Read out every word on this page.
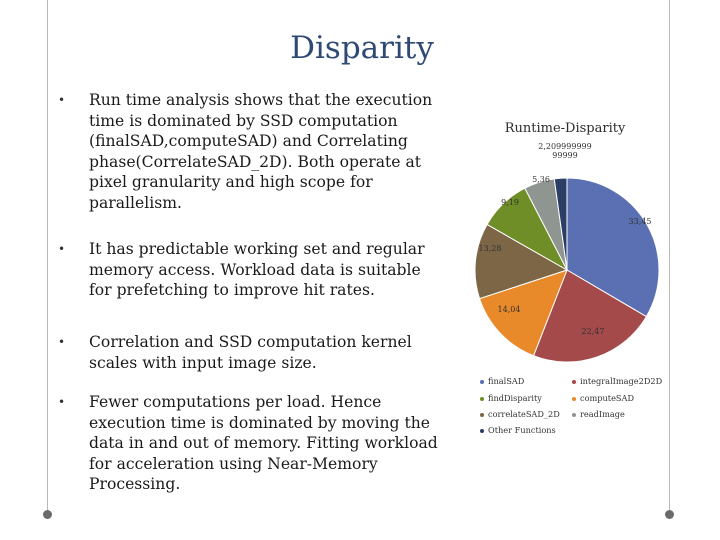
Disparity
• Run time analysis shows that the execution time is dominated by SSD computation (finalSAD,computeSAD) and Correlating phase(CorrelateSAD_2D). Both operate at pixel granularity and high scope for parallelism.
• It has predictable working set and regular memory access. Workload data is suitable for prefetching to improve hit rates.
• Correlation and SSD computation kernel scales with input image size.
• Fewer computations per load. Hence execution time is dominated by moving the data in and out of memory. Fitting workload for acceleration using Near-Memory Processing.
Runtime-Disparity
33,45
22,47
14,04
13,28
9,19
5,36
2,209999999 99999
finalSAD	integralImage2D2D
findDisparity	computeSAD
correlateSAD_2D	readImage
Other Functions
